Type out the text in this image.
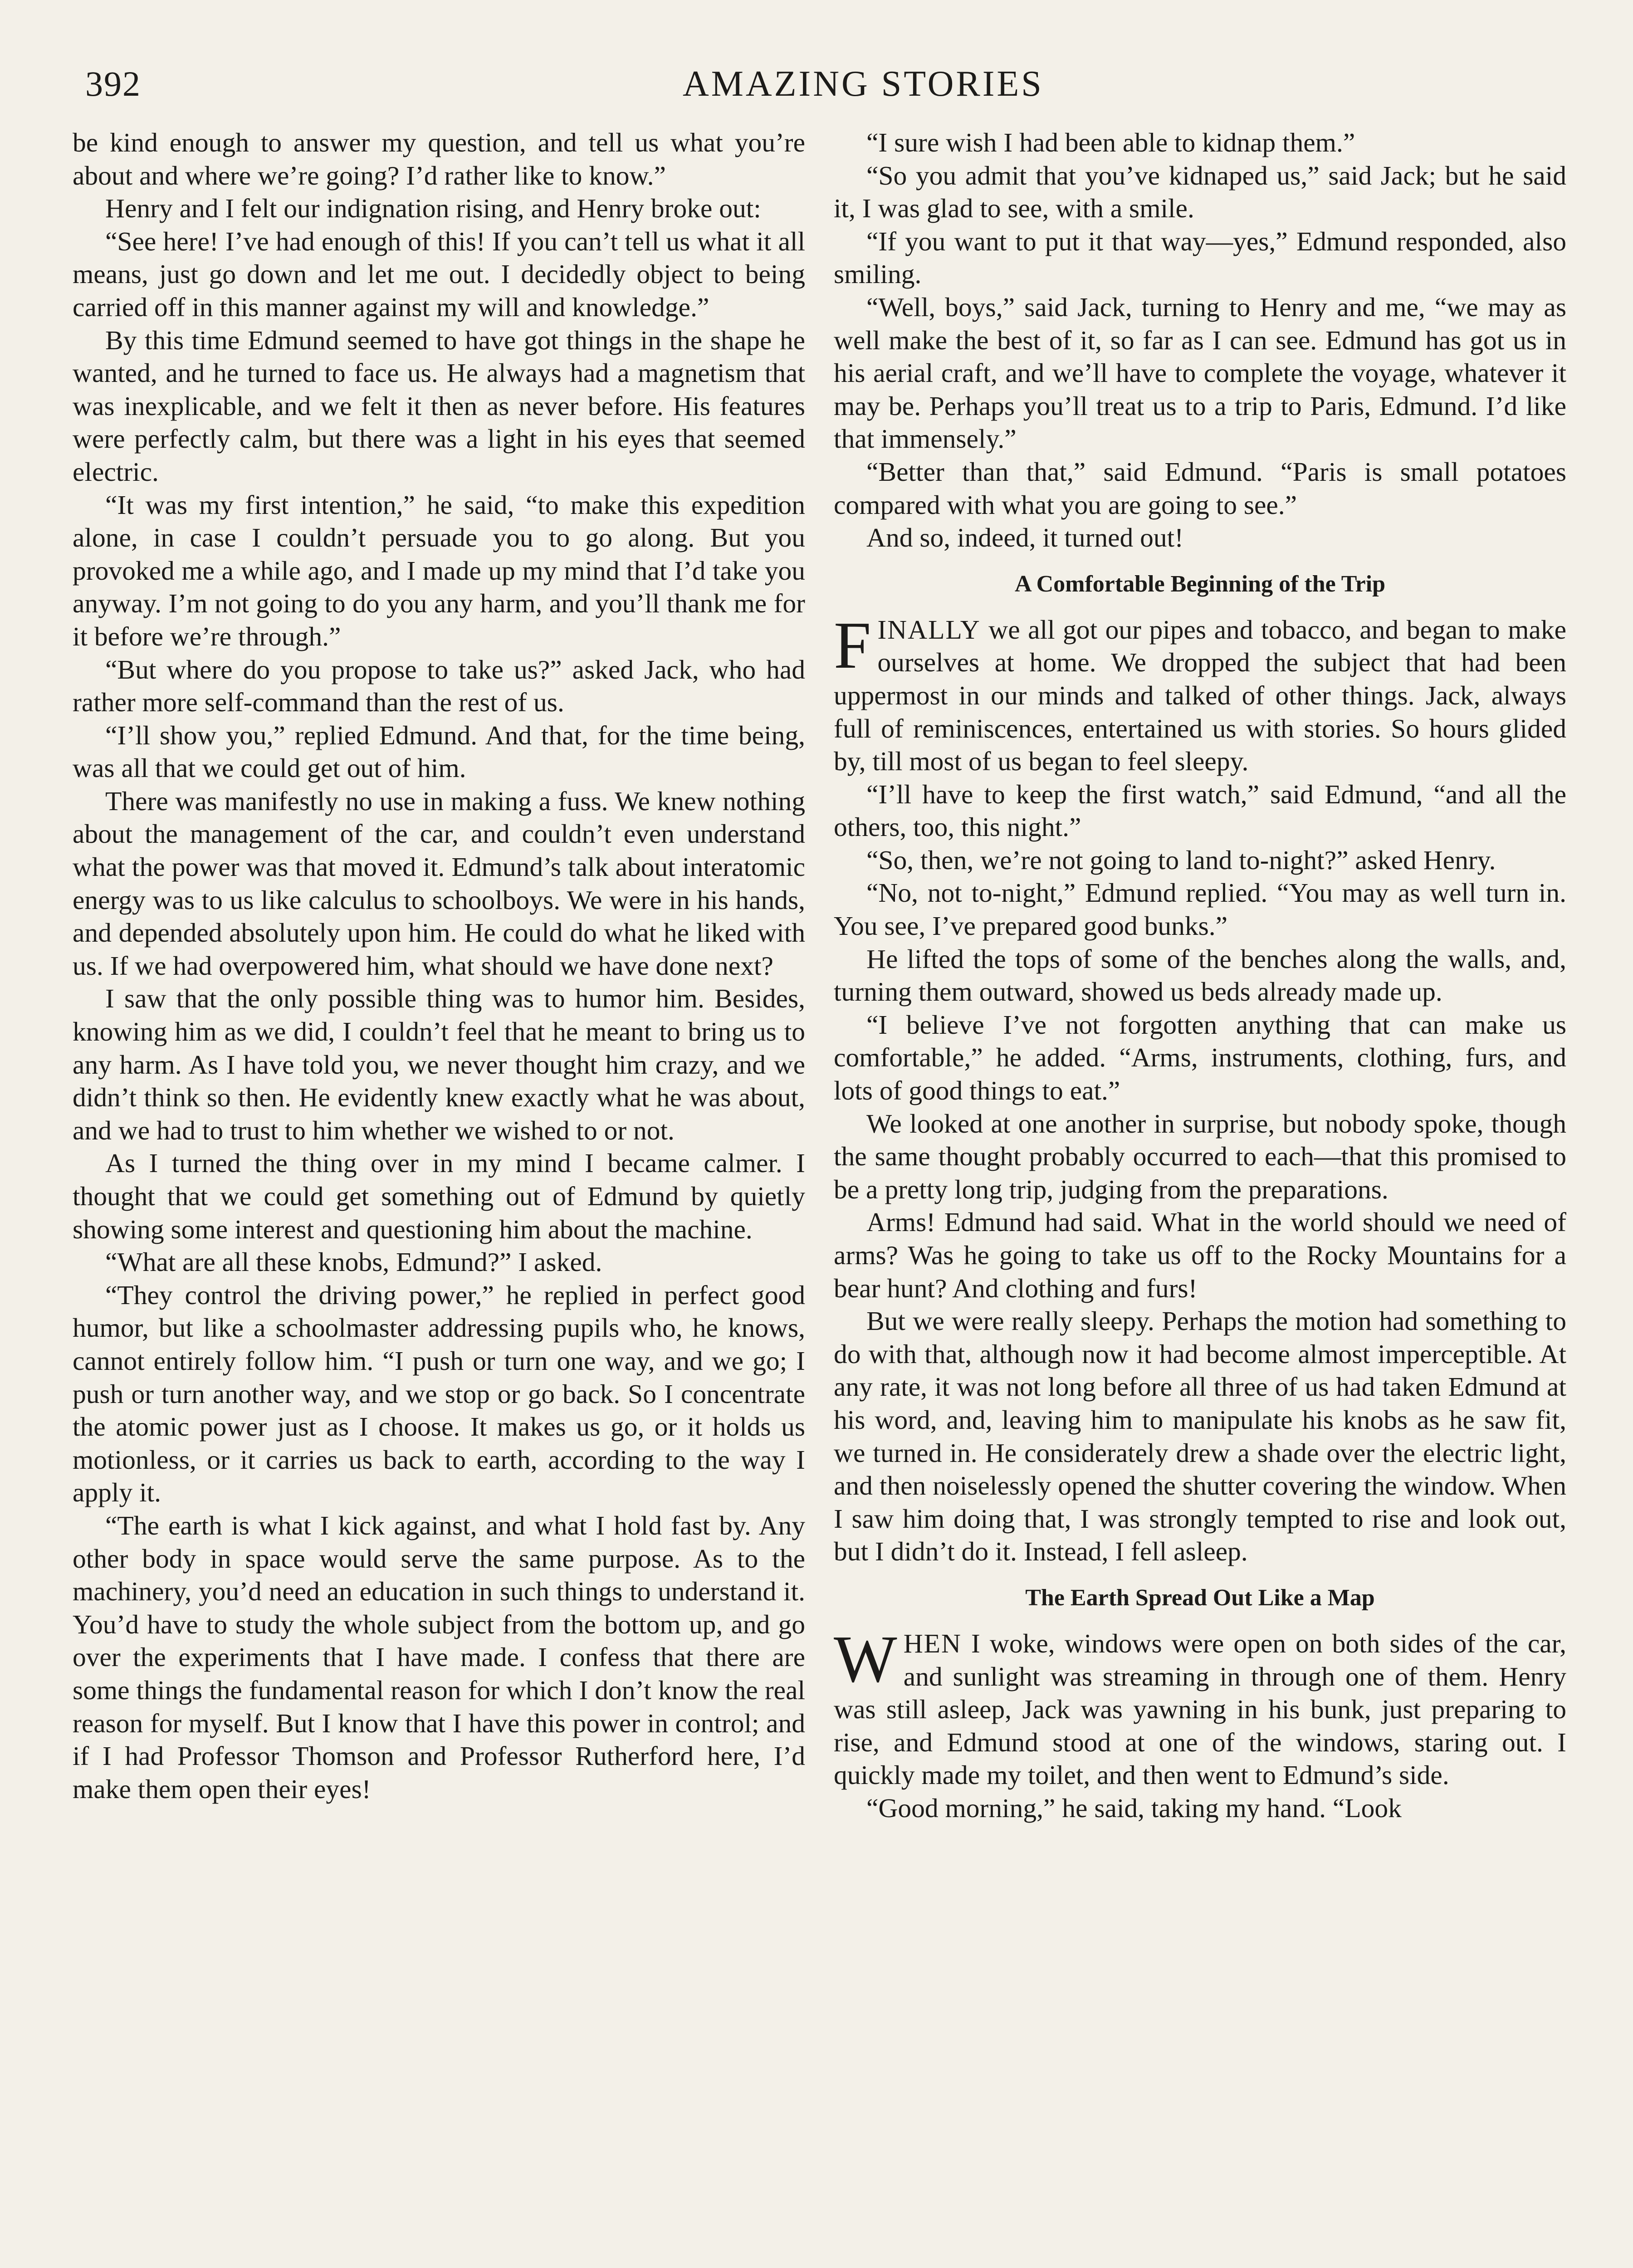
392	AMAZING STORIES

be kind enough to answer my question, and tell us what you’re about and where we’re going? I’d rather like to know.”

Henry and I felt our indignation rising, and Henry broke out:

“See here! I’ve had enough of this! If you can’t tell us what it all means, just go down and let me out. I decidedly object to being carried off in this manner against my will and knowledge.”

By this time Edmund seemed to have got things in the shape he wanted, and he turned to face us. He always had a magnetism that was inexplicable, and we felt it then as never before. His features were perfectly calm, but there was a light in his eyes that seemed electric.

“It was my first intention,” he said, “to make this expedition alone, in case I couldn’t persuade you to go along. But you provoked me a while ago, and I made up my mind that I’d take you anyway. I’m not going to do you any harm, and you’ll thank me for it before we’re through.”

“But where do you propose to take us?” asked Jack, who had rather more self-command than the rest of us.

“I’ll show you,” replied Edmund. And that, for the time being, was all that we could get out of him.

There was manifestly no use in making a fuss. We knew nothing about the management of the car, and couldn’t even understand what the power was that moved it. Edmund’s talk about interatomic energy was to us like calculus to schoolboys. We were in his hands, and depended absolutely upon him. He could do what he liked with us. If we had overpowered him, what should we have done next?

I saw that the only possible thing was to humor him. Besides, knowing him as we did, I couldn’t feel that he meant to bring us to any harm. As I have told you, we never thought him crazy, and we didn’t think so then. He evidently knew exactly what he was about, and we had to trust to him whether we wished to or not.

As I turned the thing over in my mind I became calmer. I thought that we could get something out of Edmund by quietly showing some interest and questioning him about the machine.

“What are all these knobs, Edmund?” I asked.

“They control the driving power,” he replied in perfect good humor, but like a schoolmaster addressing pupils who, he knows, cannot entirely follow him. “I push or turn one way, and we go; I push or turn another way, and we stop or go back. So I concentrate the atomic power just as I choose. It makes us go, or it holds us motionless, or it carries us back to earth, according to the way I apply it.

“The earth is what I kick against, and what I hold fast by. Any other body in space would serve the same purpose. As to the machinery, you’d need an education in such things to understand it. You’d have to study the whole subject from the bottom up, and go over the experiments that I have made. I confess that there are some things the fundamental reason for which I don’t know the real reason for myself. But I know that I have this power in control; and if I had Professor Thomson and Professor Rutherford here, I’d make them open their eyes!

“I sure wish I had been able to kidnap them.”

“So you admit that you’ve kidnaped us,” said Jack; but he said it, I was glad to see, with a smile.

“If you want to put it that way—yes,” Edmund responded, also smiling.

“Well, boys,” said Jack, turning to Henry and me, “we may as well make the best of it, so far as I can see. Edmund has got us in his aerial craft, and we’ll have to complete the voyage, whatever it may be. Perhaps you’ll treat us to a trip to Paris, Edmund. I’d like that immensely.”

“Better than that,” said Edmund. “Paris is small potatoes compared with what you are going to see.”

And so, indeed, it turned out!

A Comfortable Beginning of the Trip

FINALLY we all got our pipes and tobacco, and began to make ourselves at home. We dropped the subject that had been uppermost in our minds and talked of other things. Jack, always full of reminiscences, entertained us with stories. So hours glided by, till most of us began to feel sleepy.

“I’ll have to keep the first watch,” said Edmund, “and all the others, too, this night.”

“So, then, we’re not going to land to-night?” asked Henry.

“No, not to-night,” Edmund replied. “You may as well turn in. You see, I’ve prepared good bunks.”

He lifted the tops of some of the benches along the walls, and, turning them outward, showed us beds already made up.

“I believe I’ve not forgotten anything that can make us comfortable,” he added. “Arms, instruments, clothing, furs, and lots of good things to eat.”

We looked at one another in surprise, but nobody spoke, though the same thought probably occurred to each—that this promised to be a pretty long trip, judging from the preparations.

Arms! Edmund had said. What in the world should we need of arms? Was he going to take us off to the Rocky Mountains for a bear hunt? And clothing and furs!

But we were really sleepy. Perhaps the motion had something to do with that, although now it had become almost imperceptible. At any rate, it was not long before all three of us had taken Edmund at his word, and, leaving him to manipulate his knobs as he saw fit, we turned in. He considerately drew a shade over the electric light, and then noiselessly opened the shutter covering the window. When I saw him doing that, I was strongly tempted to rise and look out, but I didn’t do it. Instead, I fell asleep.

The Earth Spread Out Like a Map

WHEN I woke, windows were open on both sides of the car, and sunlight was streaming in through one of them. Henry was still asleep, Jack was yawning in his bunk, just preparing to rise, and Edmund stood at one of the windows, staring out. I quickly made my toilet, and then went to Edmund’s side.

“Good morning,” he said, taking my hand. “Look
